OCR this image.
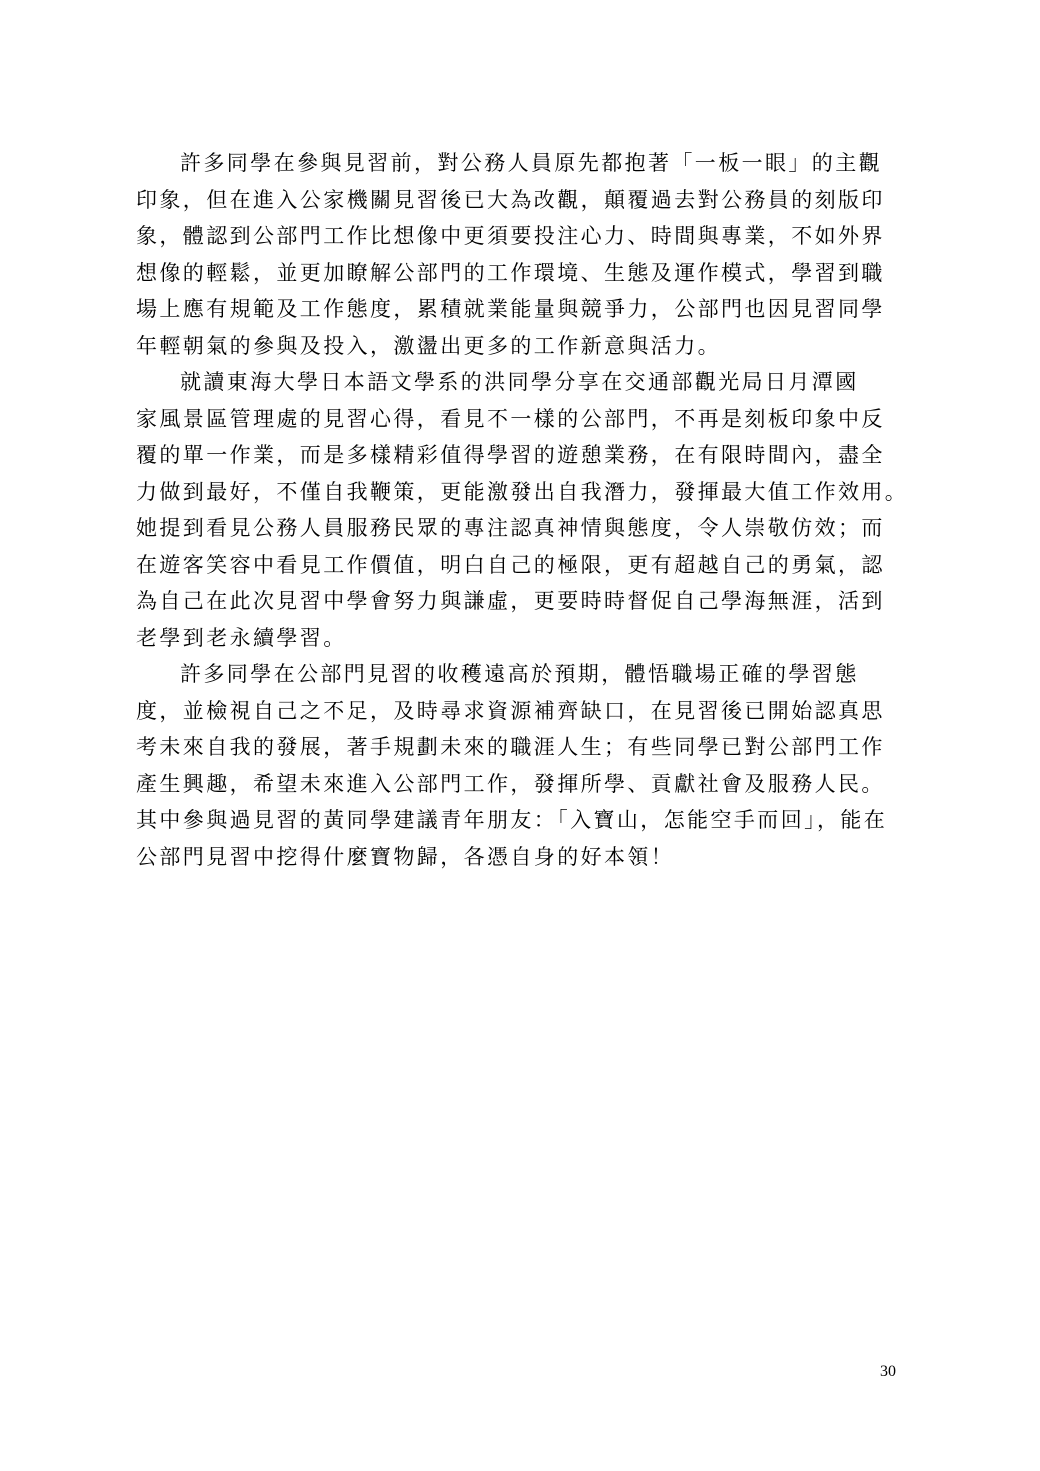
許多同學在參與見習前，對公務人員原先都抱著「一板一眼」的主觀
印象，但在進入公家機關見習後已大為改觀，顛覆過去對公務員的刻版印
象，體認到公部門工作比想像中更須要投注心力、時間與專業，不如外界
想像的輕鬆，並更加瞭解公部門的工作環境、生態及運作模式，學習到職
場上應有規範及工作態度，累積就業能量與競爭力，公部門也因見習同學
年輕朝氣的參與及投入，激盪出更多的工作新意與活力。
就讀東海大學日本語文學系的洪同學分享在交通部觀光局日月潭國
家風景區管理處的見習心得，看見不一樣的公部門，不再是刻板印象中反
覆的單一作業，而是多樣精彩值得學習的遊憩業務，在有限時間內，盡全
力做到最好，不僅自我鞭策，更能激發出自我潛力，發揮最大值工作效用。
她提到看見公務人員服務民眾的專注認真神情與態度，令人崇敬仿效；而
在遊客笑容中看見工作價值，明白自己的極限，更有超越自己的勇氣，認
為自己在此次見習中學會努力與謙虛，更要時時督促自己學海無涯，活到
老學到老永續學習。
許多同學在公部門見習的收穫遠高於預期，體悟職場正確的學習態
度，並檢視自己之不足，及時尋求資源補齊缺口，在見習後已開始認真思
考未來自我的發展，著手規劃未來的職涯人生；有些同學已對公部門工作
產生興趣，希望未來進入公部門工作，發揮所學、貢獻社會及服務人民。
其中參與過見習的黃同學建議青年朋友：「入寶山，怎能空手而回」，能在
公部門見習中挖得什麼寶物歸，各憑自身的好本領！
30
